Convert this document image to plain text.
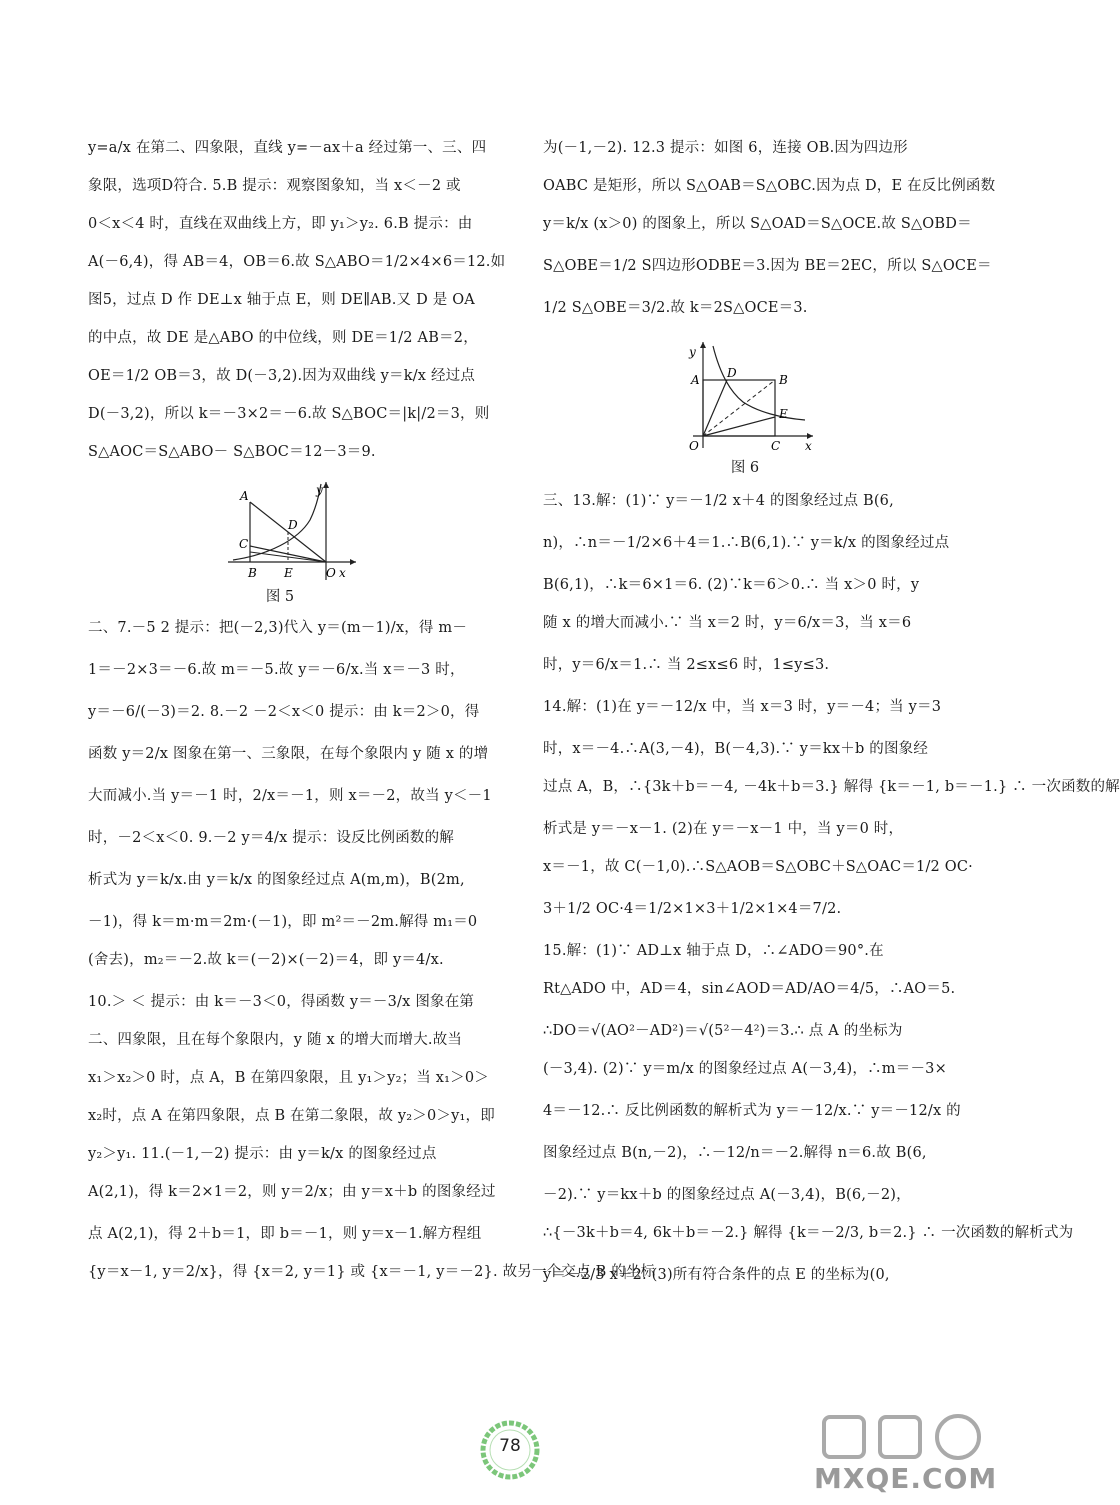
y=a/x 在第二、四象限，直线 y=－ax＋a 经过第一、三、四
象限，选项D符合. 5.B 提示：观察图象知，当 x＜－2 或
0＜x＜4 时，直线在双曲线上方，即 y₁＞y₂. 6.B 提示：由
A(－6,4)，得 AB＝4，OB＝6.故 S△ABO＝1/2×4×6＝12.如
图5，过点 D 作 DE⊥x 轴于点 E，则 DE∥AB.又 D 是 OA
的中点，故 DE 是△ABO 的中位线，则 DE＝1/2 AB＝2，
OE＝1/2 OB＝3，故 D(－3,2).因为双曲线 y＝k/x 经过点
D(－3,2)，所以 k＝－3×2＝－6.故 S△BOC＝|k|/2＝3，则
S△AOC＝S△ABO－ S△BOC＝12－3＝9.
A
C
D
B E	O x
y
图 5
二、7.－5 2 提示：把(－2,3)代入 y＝(m－1)/x，得 m－
1＝－2×3＝－6.故 m＝－5.故 y＝－6/x.当 x＝－3 时，
y＝－6/(－3)＝2. 8.－2 －2＜x＜0 提示：由 k＝2＞0，得
函数 y＝2/x 图象在第一、三象限，在每个象限内 y 随 x 的增
大而减小.当 y＝－1 时，2/x＝－1，则 x＝－2，故当 y＜－1
时，－2＜x＜0. 9.－2 y＝4/x 提示：设反比例函数的解
析式为 y＝k/x.由 y＝k/x 的图象经过点 A(m,m)，B(2m,
－1)，得 k＝m·m＝2m·(－1)，即 m²＝－2m.解得 m₁＝0
(舍去)，m₂＝－2.故 k＝(－2)×(－2)＝4，即 y＝4/x.
10.＞ ＜ 提示：由 k＝－3＜0，得函数 y＝－3/x 图象在第
二、四象限，且在每个象限内，y 随 x 的增大而增大.故当
x₁＞x₂＞0 时，点 A，B 在第四象限，且 y₁＞y₂；当 x₁＞0＞
x₂时，点 A 在第四象限，点 B 在第二象限，故 y₂＞0＞y₁，即
y₂＞y₁. 11.(－1,－2) 提示：由 y＝k/x 的图象经过点
A(2,1)，得 k＝2×1＝2，则 y＝2/x；由 y＝x＋b 的图象经过
点 A(2,1)，得 2＋b＝1，即 b＝－1，则 y＝x－1.解方程组
{y＝x－1, y＝2/x}，得 {x＝2, y＝1} 或 {x＝－1, y＝－2}. 故另一个交点 B 的坐标
为(－1,－2). 12.3 提示：如图 6，连接 OB.因为四边形
OABC 是矩形，所以 S△OAB＝S△OBC.因为点 D，E 在反比例函数
y＝k/x (x＞0) 的图象上，所以 S△OAD＝S△OCE.故 S△OBD＝
S△OBE＝1/2 S四边形ODBE＝3.因为 BE＝2EC，所以 S△OCE＝
1/2 S△OBE＝3/2.故 k＝2S△OCE＝3.
A D	B
E
O	C x
y
图 6
三、13.解：(1)∵ y＝－1/2 x＋4 的图象经过点 B(6,
n)，∴n＝－1/2×6＋4＝1.∴B(6,1).∵ y＝k/x 的图象经过点
B(6,1)，∴k＝6×1＝6. (2)∵k＝6＞0.∴ 当 x＞0 时，y
随 x 的增大而减小.∵ 当 x＝2 时，y＝6/x＝3，当 x＝6
时，y＝6/x＝1.∴ 当 2≤x≤6 时，1≤y≤3.
14.解：(1)在 y＝－12/x 中，当 x＝3 时，y＝－4；当 y＝3
时，x＝－4.∴A(3,－4)，B(－4,3).∵ y＝kx＋b 的图象经
过点 A，B，∴{3k＋b＝－4, －4k＋b＝3.} 解得 {k＝－1, b＝－1.} ∴ 一次函数的解
析式是 y＝－x－1. (2)在 y＝－x－1 中，当 y＝0 时，
x＝－1，故 C(－1,0).∴S△AOB＝S△OBC＋S△OAC＝1/2 OC·
3＋1/2 OC·4＝1/2×1×3＋1/2×1×4＝7/2.
15.解：(1)∵ AD⊥x 轴于点 D，∴∠ADO＝90°.在
Rt△ADO 中，AD＝4，sin∠AOD＝AD/AO＝4/5，∴AO＝5.
∴DO＝√(AO²－AD²)＝√(5²－4²)＝3.∴ 点 A 的坐标为
(－3,4). (2)∵ y＝m/x 的图象经过点 A(－3,4)，∴m＝－3×
4＝－12.∴ 反比例函数的解析式为 y＝－12/x.∵ y＝－12/x 的
图象经过点 B(n,－2)，∴－12/n＝－2.解得 n＝6.故 B(6,
－2).∵ y＝kx＋b 的图象经过点 A(－3,4)，B(6,－2)，
∴{－3k＋b＝4, 6k＋b＝－2.} 解得 {k＝－2/3, b＝2.} ∴ 一次函数的解析式为
y＝－2/3 x＋2. (3)所有符合条件的点 E 的坐标为(0,
78
MXQE.COM
